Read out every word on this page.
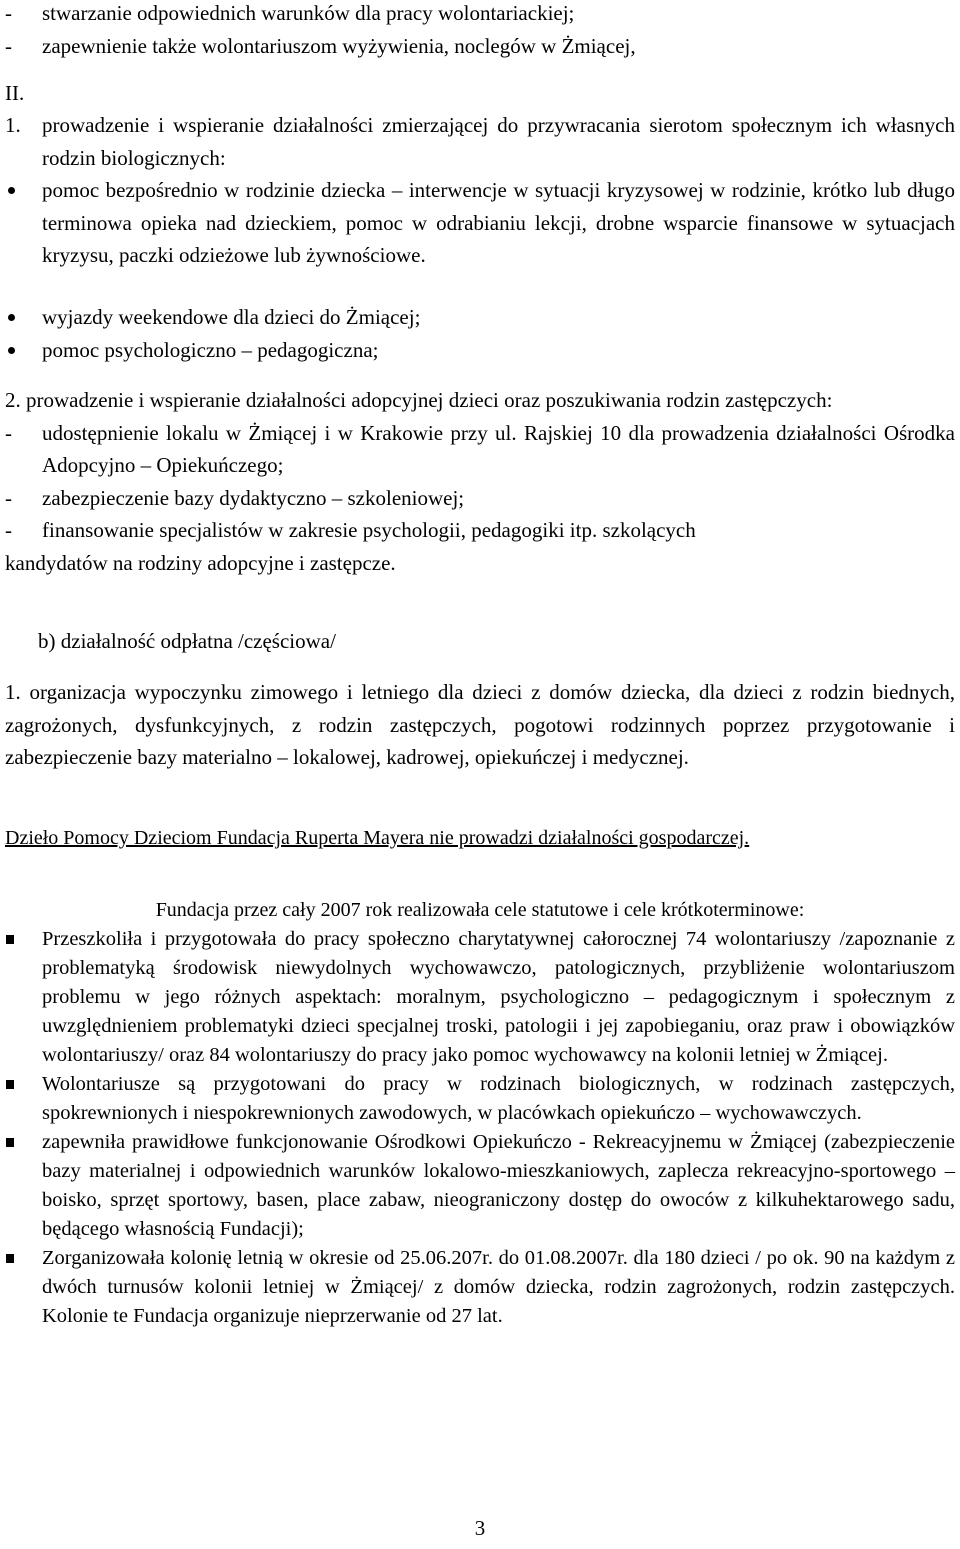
- stwarzanie odpowiednich warunków dla pracy wolontariackiej;

- zapewnienie także wolontariuszom wyżywienia, noclegów w Żmiącej,

II.

1. prowadzenie i wspieranie działalności zmierzającej do przywracania sierotom społecznym ich własnych rodzin biologicznych:

pomoc bezpośrednio w rodzinie dziecka – interwencje w sytuacji kryzysowej w rodzinie, krótko lub długo terminowa opieka nad dzieckiem, pomoc w odrabianiu lekcji, drobne wsparcie finansowe w sytuacjach kryzysu, paczki odzieżowe lub żywnościowe.

wyjazdy weekendowe dla dzieci do Żmiącej;

pomoc psychologiczno – pedagogiczna;

2. prowadzenie i wspieranie działalności adopcyjnej dzieci oraz poszukiwania rodzin zastępczych:

- udostępnienie lokalu w Żmiącej i w Krakowie przy ul. Rajskiej 10 dla prowadzenia działalności Ośrodka Adopcyjno – Opiekuńczego;

- zabezpieczenie bazy dydaktyczno – szkoleniowej;

- finansowanie specjalistów w zakresie psychologii, pedagogiki itp. szkolących

kandydatów na rodziny adopcyjne i zastępcze.

b) działalność odpłatna /częściowa/

1. organizacja wypoczynku zimowego i letniego dla dzieci z domów dziecka, dla dzieci z rodzin biednych, zagrożonych, dysfunkcyjnych, z rodzin zastępczych, pogotowi rodzinnych poprzez przygotowanie i zabezpieczenie bazy materialno – lokalowej, kadrowej, opiekuńczej i medycznej.

Dzieło Pomocy Dzieciom Fundacja Ruperta Mayera nie prowadzi działalności gospodarczej.

Fundacja przez cały 2007 rok realizowała cele statutowe i cele krótkoterminowe:

Przeszkoliła i przygotowała do pracy społeczno charytatywnej całorocznej 74 wolontariuszy /zapoznanie z problematyką środowisk niewydolnych wychowawczo, patologicznych, przybliżenie wolontariuszom problemu w jego różnych aspektach: moralnym, psychologiczno – pedagogicznym i społecznym z uwzględnieniem problematyki dzieci specjalnej troski, patologii i jej zapobieganiu, oraz praw i obowiązków wolontariuszy/ oraz 84 wolontariuszy do pracy jako pomoc wychowawcy na kolonii letniej w Żmiącej.

Wolontariusze są przygotowani do pracy w rodzinach biologicznych, w rodzinach zastępczych, spokrewnionych i niespokrewnionych zawodowych, w placówkach opiekuńczo – wychowawczych.

zapewniła prawidłowe funkcjonowanie Ośrodkowi Opiekuńczo - Rekreacyjnemu w Żmiącej (zabezpieczenie bazy materialnej i odpowiednich warunków lokalowo-mieszkaniowych, zaplecza rekreacyjno-sportowego – boisko, sprzęt sportowy, basen, place zabaw, nieograniczony dostęp do owoców z kilkuhektarowego sadu, będącego własnością Fundacji);

Zorganizowała kolonię letnią w okresie od 25.06.207r. do 01.08.2007r. dla 180 dzieci / po ok. 90 na każdym z dwóch turnusów kolonii letniej w Żmiącej/ z domów dziecka, rodzin zagrożonych, rodzin zastępczych. Kolonie te Fundacja organizuje nieprzerwanie od 27 lat.

3
